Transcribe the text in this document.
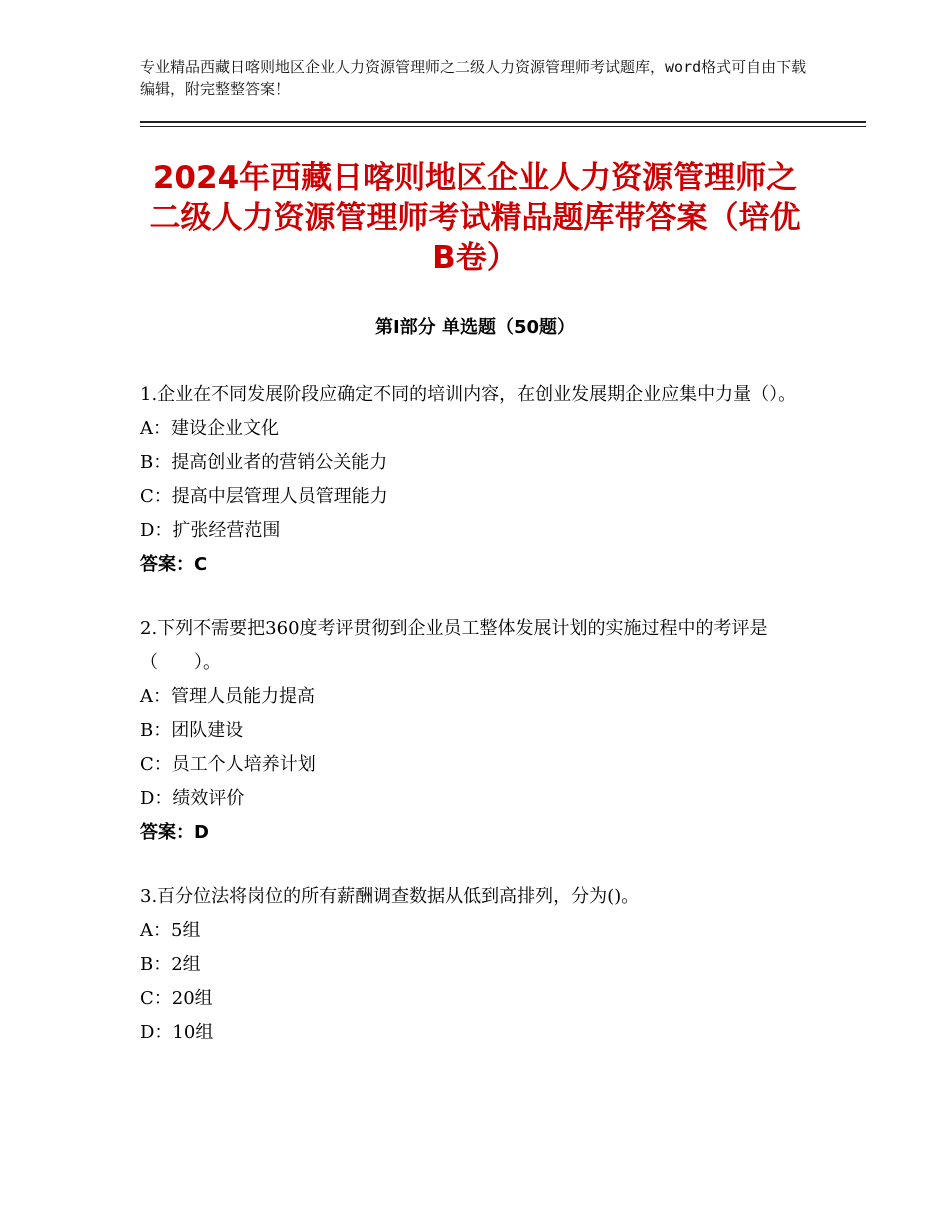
专业精品西藏日喀则地区企业人力资源管理师之二级人力资源管理师考试题库，word格式可自由下载编辑，附完整整答案！
2024年西藏日喀则地区企业人力资源管理师之二级人力资源管理师考试精品题库带答案（培优B卷）
第Ⅰ部分 单选题（50题）

1.企业在不同发展阶段应确定不同的培训内容，在创业发展期企业应集中力量（）。

A：建设企业文化

B：提高创业者的营销公关能力

C：提高中层管理人员管理能力

D：扩张经营范围

答案：C

2.下列不需要把360度考评贯彻到企业员工整体发展计划的实施过程中的考评是（　　）。

A：管理人员能力提高

B：团队建设

C：员工个人培养计划

D：绩效评价

答案：D

3.百分位法将岗位的所有薪酬调查数据从低到高排列，分为()。

A：5组

B：2组

C：20组

D：10组
